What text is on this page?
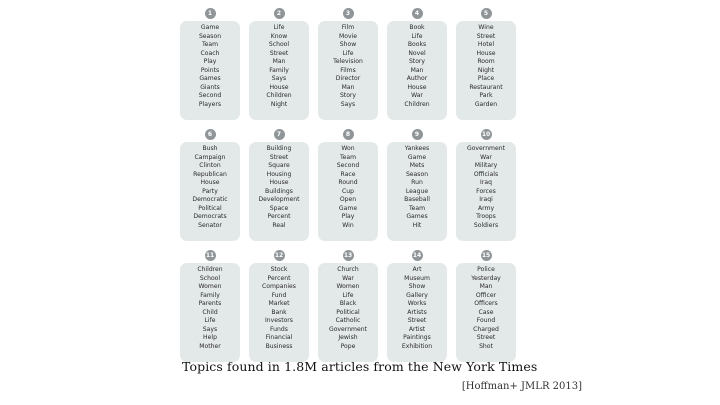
1
Game
Season
Team
Coach
Play
Points
Games
Giants
Second
Players
2
Life
Know
School
Street
Man
Family
Says
House
Children
Night
3
Film
Movie
Show
Life
Television
Films
Director
Man
Story
Says
4
Book
Life
Books
Novel
Story
Man
Author
House
War
Children
5
Wine
Street
Hotel
House
Room
Night
Place
Restaurant
Park
Garden
6
Bush
Campaign
Clinton
Republican
House
Party
Democratic
Political
Democrats
Senator
7
Building
Street
Square
Housing
House
Buildings
Development
Space
Percent
Real
8
Won
Team
Second
Race
Round
Cup
Open
Game
Play
Win
9
Yankees
Game
Mets
Season
Run
League
Baseball
Team
Games
Hit
10
Government
War
Military
Officials
Iraq
Forces
Iraqi
Army
Troops
Soldiers
11
Children
School
Women
Family
Parents
Child
Life
Says
Help
Mother
12
Stock
Percent
Companies
Fund
Market
Bank
Investors
Funds
Financial
Business
13
Church
War
Women
Life
Black
Political
Catholic
Government
Jewish
Pope
14
Art
Museum
Show
Gallery
Works
Artists
Street
Artist
Paintings
Exhibition
15
Police
Yesterday
Man
Officer
Officers
Case
Found
Charged
Street
Shot
Topics found in 1.8M articles from the New York Times
[Hoffman+ JMLR 2013]
